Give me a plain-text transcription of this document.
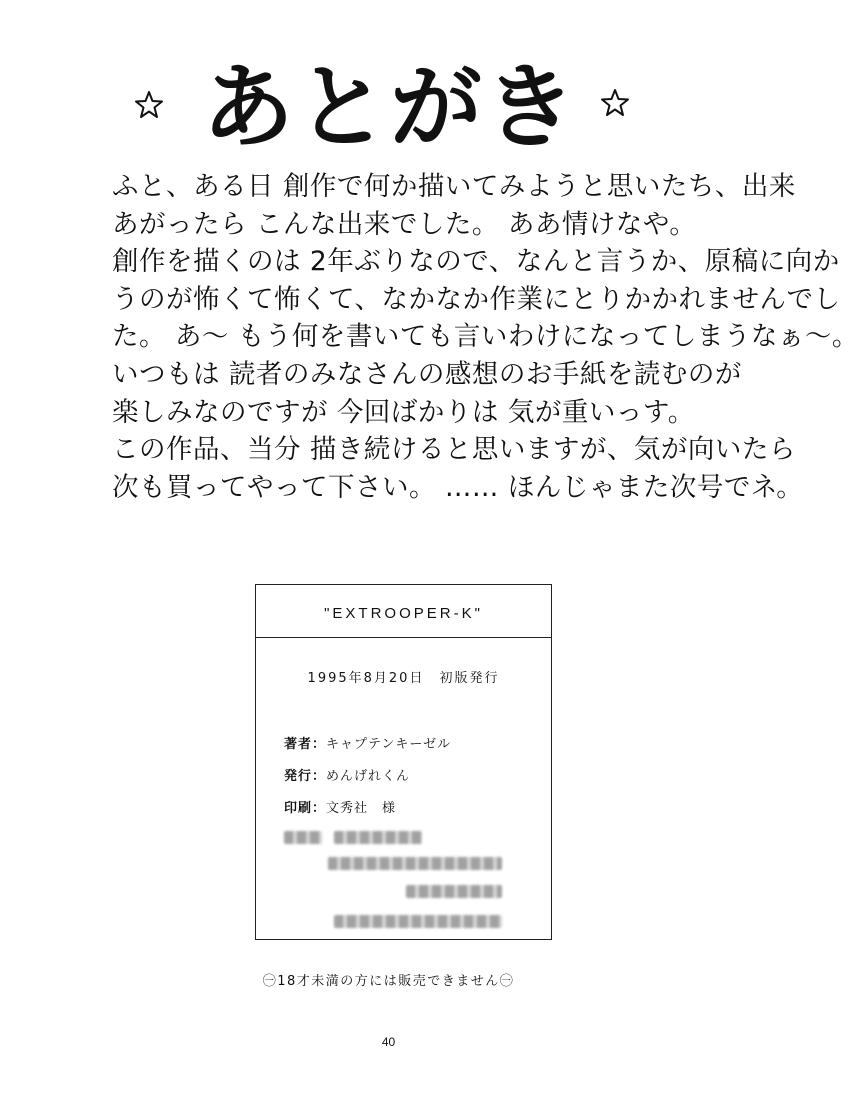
あとがき
ふと、ある日 創作で何か描いてみようと思いたち、出来
あがったら こんな出来でした。 ああ情けなや。
創作を描くのは 2年ぶりなので、なんと言うか、原稿に向か
うのが怖くて怖くて、なかなか作業にとりかかれませんでし
た。 あ〜 もう何を書いても言いわけになってしまうなぁ〜。
いつもは 読者のみなさんの感想のお手紙を読むのが
楽しみなのですが 今回ばかりは 気が重いっす。
この作品、当分 描き続けると思いますが、気が向いたら
次も買ってやって下さい。 …… ほんじゃまた次号でネ。
"EXTROOPER-K"
1995年8月20日　初版発行
著者：キャプテンキーゼル
発行：めんげれくん
印刷：文秀社　様
㊀18才未満の方には販売できません㊀
40
